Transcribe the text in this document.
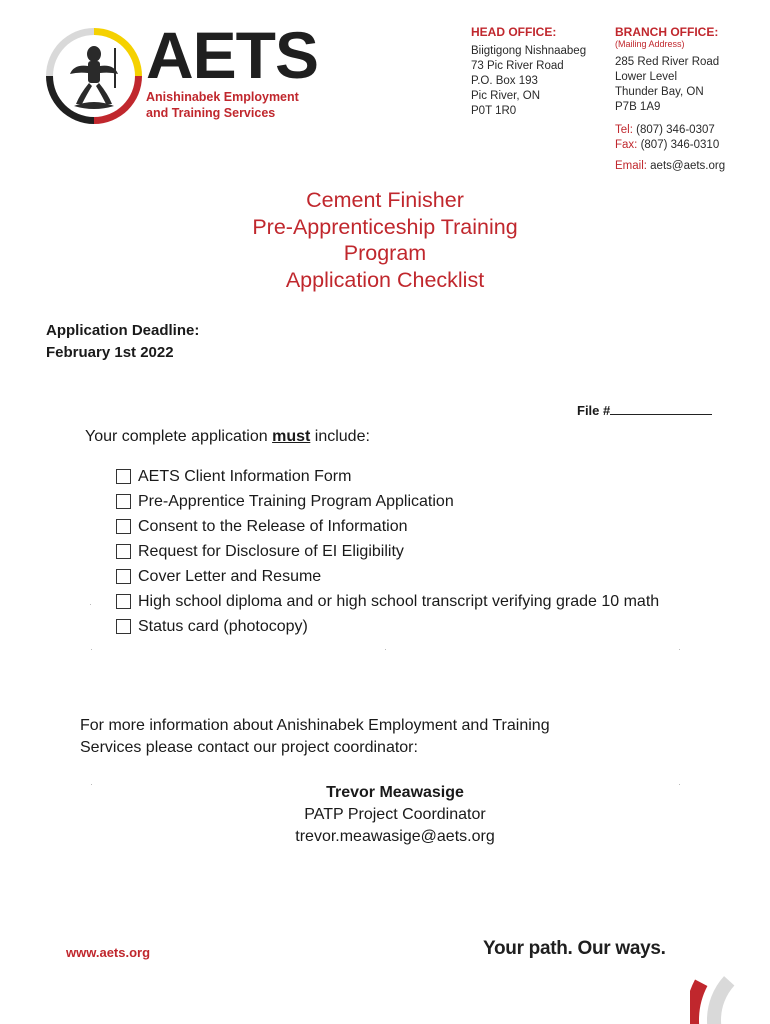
AETS
Anishinabek Employment
and Training Services
HEAD OFFICE:
Biigtigong Nishnaabeg
73 Pic River Road
P.O. Box 193
Pic River, ON
P0T 1R0
BRANCH OFFICE:
(Mailing Address)
285 Red River Road
Lower Level
Thunder Bay, ON
P7B 1A9
Tel: (807) 346-0307
Fax: (807) 346-0310
Email: aets@aets.org
Cement Finisher
Pre-Apprenticeship Training
Program
Application Checklist
Application Deadline:
February 1st 2022
File #
Your complete application must include:
AETS Client Information Form
Pre-Apprentice Training Program Application
Consent to the Release of Information
Request for Disclosure of EI Eligibility
Cover Letter and Resume
High school diploma and or high school transcript verifying grade 10 math
Status card (photocopy)
For more information about Anishinabek Employment and Training
Services please contact our project coordinator:
Trevor Meawasige
PATP Project Coordinator
trevor.meawasige@aets.org
www.aets.org	Your path. Our ways.
